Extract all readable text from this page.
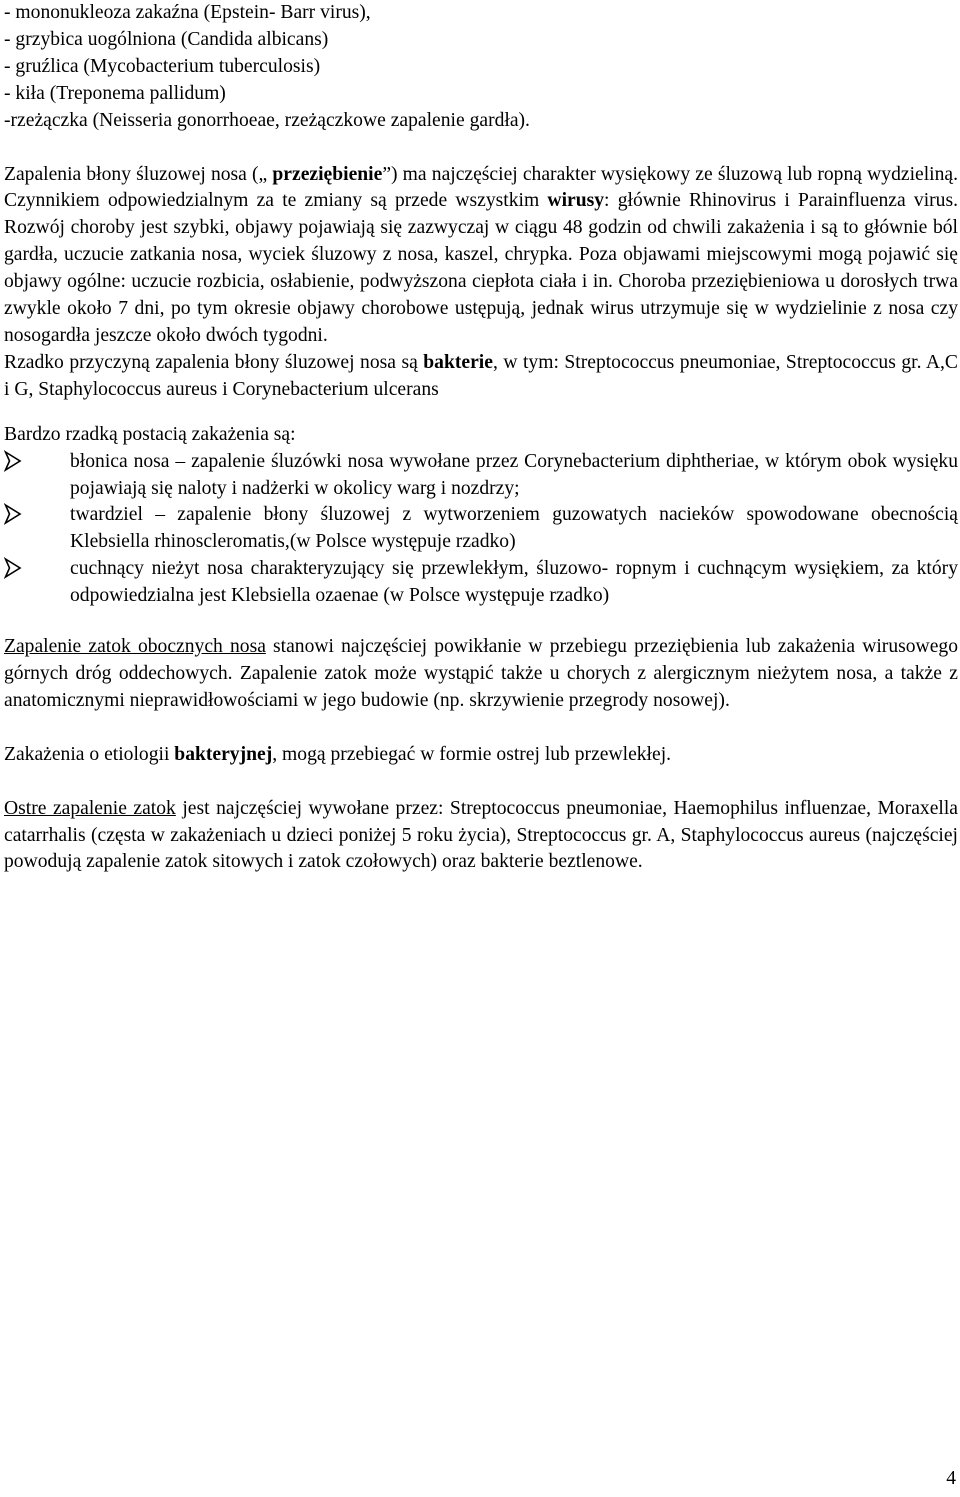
- mononukleoza zakaźna (Epstein- Barr virus),
- grzybica uogólniona (Candida albicans)
- gruźlica (Mycobacterium tuberculosis)
- kiła (Treponema pallidum)
-rzeżączka (Neisseria gonorrhoeae, rzeżączkowe zapalenie gardła).
Zapalenia błony śluzowej nosa („ przeziębienie”) ma najczęściej charakter wysiękowy ze śluzową lub ropną wydzieliną. Czynnikiem odpowiedzialnym za te zmiany są przede wszystkim wirusy: głównie Rhinovirus i Parainfluenza virus. Rozwój choroby jest szybki, objawy pojawiają się zazwyczaj w ciągu 48 godzin od chwili zakażenia i są to głównie ból gardła, uczucie zatkania nosa, wyciek śluzowy z nosa, kaszel, chrypka. Poza objawami miejscowymi mogą pojawić się objawy ogólne: uczucie rozbicia, osłabienie, podwyższona ciepłota ciała i in. Choroba przeziębieniowa u dorosłych trwa zwykle około 7 dni, po tym okresie objawy chorobowe ustępują, jednak wirus utrzymuje się w wydzielinie z nosa czy nosogardła jeszcze około dwóch tygodni.
Rzadko przyczyną zapalenia błony śluzowej nosa są bakterie, w tym: Streptococcus pneumoniae, Streptococcus gr. A,C i G, Staphylococcus aureus i Corynebacterium ulcerans
Bardzo rzadką postacią zakażenia są:
błonica nosa – zapalenie śluzówki nosa wywołane przez Corynebacterium diphtheriae, w którym obok wysięku pojawiają się naloty i nadżerki w okolicy warg i nozdrzy;
twardziel – zapalenie błony śluzowej z wytworzeniem guzowatych nacieków spowodowane obecnością Klebsiella rhinoscleromatis,(w Polsce występuje rzadko)
cuchnący nieżyt nosa charakteryzujący się przewlekłym, śluzowo- ropnym i cuchnącym wysiękiem, za który odpowiedzialna jest Klebsiella ozaenae (w Polsce występuje rzadko)
Zapalenie zatok obocznych nosa stanowi najczęściej powikłanie w przebiegu przeziębienia lub zakażenia wirusowego górnych dróg oddechowych. Zapalenie zatok może wystąpić także u chorych z alergicznym nieżytem nosa, a także z anatomicznymi nieprawidłowościami w jego budowie (np. skrzywienie przegrody nosowej).
Zakażenia o etiologii bakteryjnej, mogą przebiegać w formie ostrej lub przewlekłej.
Ostre zapalenie zatok jest najczęściej wywołane przez: Streptococcus pneumoniae, Haemophilus influenzae, Moraxella catarrhalis (częsta w zakażeniach u dzieci poniżej 5 roku życia), Streptococcus gr. A, Staphylococcus aureus (najczęściej powodują zapalenie zatok sitowych i zatok czołowych) oraz bakterie beztlenowe.
4
